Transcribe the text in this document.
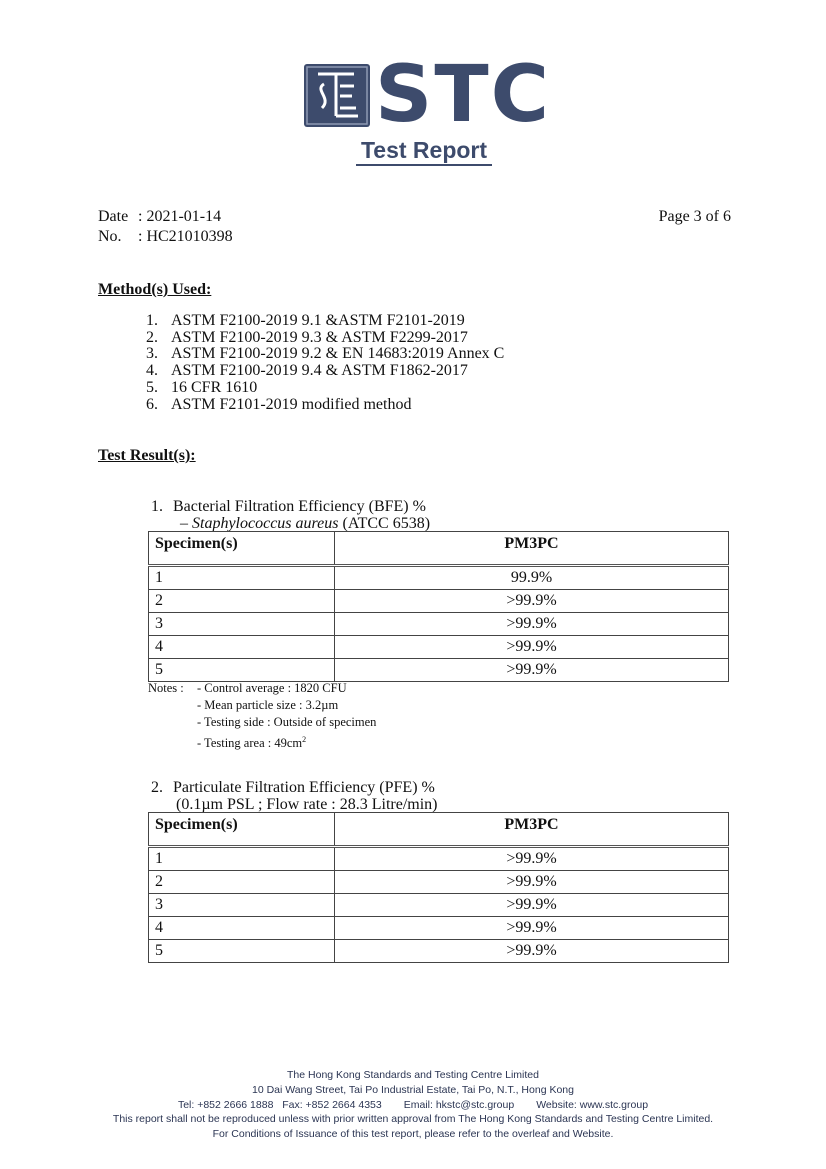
STC
Test Report
Date : 2021-01-14
No. : HC21010398
Page 3 of 6
Method(s) Used:
1. ASTM F2100-2019 9.1 &ASTM F2101-2019
2. ASTM F2100-2019 9.3 & ASTM F2299-2017
3. ASTM F2100-2019 9.2 & EN 14683:2019 Annex C
4. ASTM F2100-2019 9.4 & ASTM F1862-2017
5. 16 CFR 1610
6. ASTM F2101-2019 modified method
Test Result(s):
1. Bacterial Filtration Efficiency (BFE) %
– Staphylococcus aureus (ATCC 6538)
Specimen(s)	PM3PC
1	99.9%
2	>99.9%
3	>99.9%
4	>99.9%
5	>99.9%
Notes : - Control average : 1820 CFU
- Mean particle size : 3.2µm
- Testing side : Outside of specimen
- Testing area : $49cm^2$
2. Particulate Filtration Efficiency (PFE) %
(0.1µm PSL ; Flow rate : 28.3 Litre/min)
Specimen(s)	PM3PC
1	>99.9%
2	>99.9%
3	>99.9%
4	>99.9%
5	>99.9%
The Hong Kong Standards and Testing Centre Limited
10 Dai Wang Street, Tai Po Industrial Estate, Tai Po, N.T., Hong Kong
Tel: +852 2666 1888 Fax: +852 2664 4353 Email: hkstc@stc.group Website: www.stc.group
This report shall not be reproduced unless with prior written approval from The Hong Kong Standards and Testing Centre Limited.
For Conditions of Issuance of this test report, please refer to the overleaf and Website.
